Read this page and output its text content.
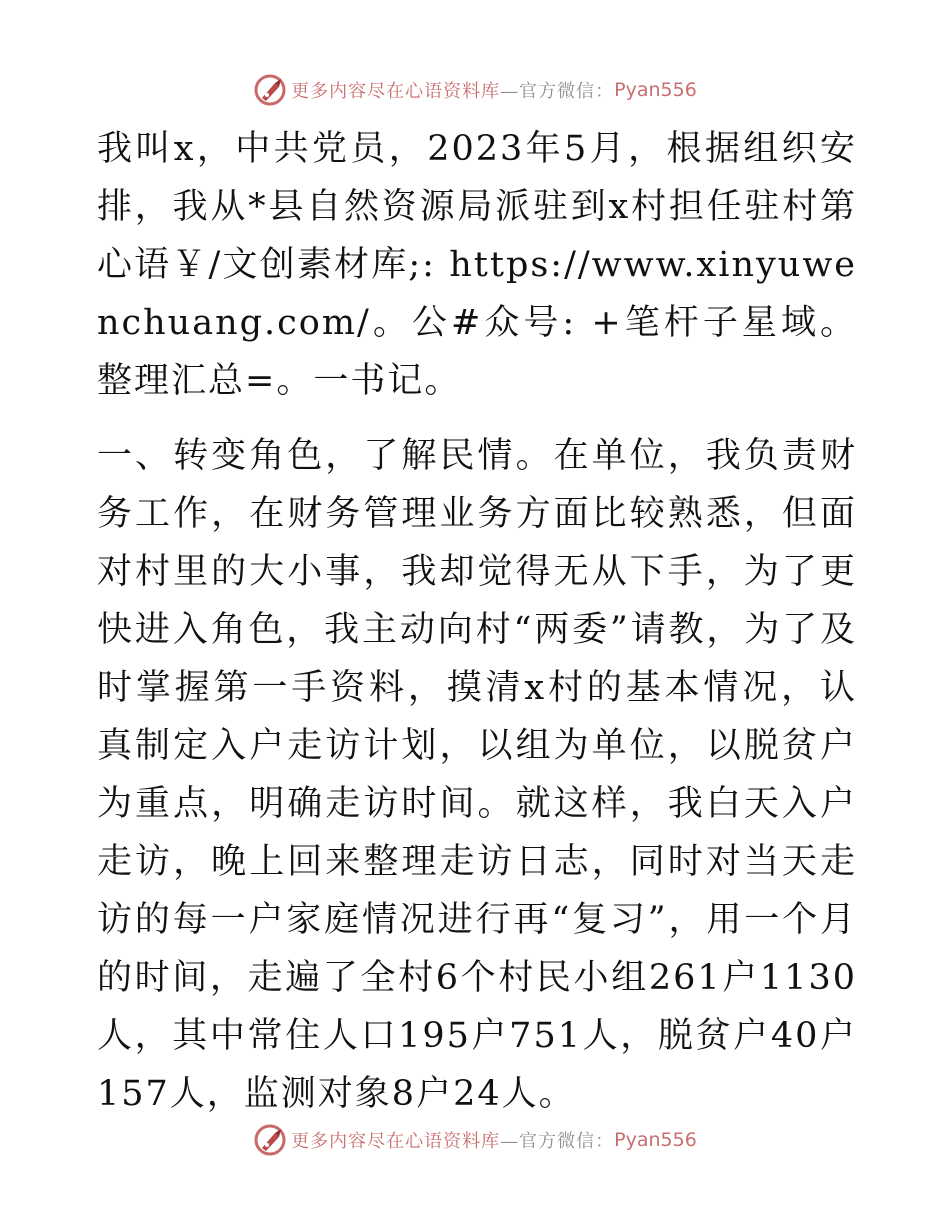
更多内容尽在心语资料库 —官方微信： Pyan556

我叫x，中共党员，2023年5月，根据组织安排，我从*县自然资源局派驻到x村担任驻村第心语￥/文创素材库;: https://www.xinyuwenchuang.com/。公#众号: +笔杆子星域。整理汇总=。一书记。

一、转变角色，了解民情。在单位，我负责财务工作，在财务管理业务方面比较熟悉，但面对村里的大小事，我却觉得无从下手，为了更快进入角色，我主动向村“两委”请教，为了及时掌握第一手资料，摸清x村的基本情况，认真制定入户走访计划，以组为单位，以脱贫户为重点，明确走访时间。就这样，我白天入户走访，晚上回来整理走访日志，同时对当天走访的每一户家庭情况进行再“复习”，用一个月的时间，走遍了全村6个村民小组261户1130人，其中常住人口195户751人，脱贫户40户157人，监测对象8户24人。

更多内容尽在心语资料库 —官方微信： Pyan556
